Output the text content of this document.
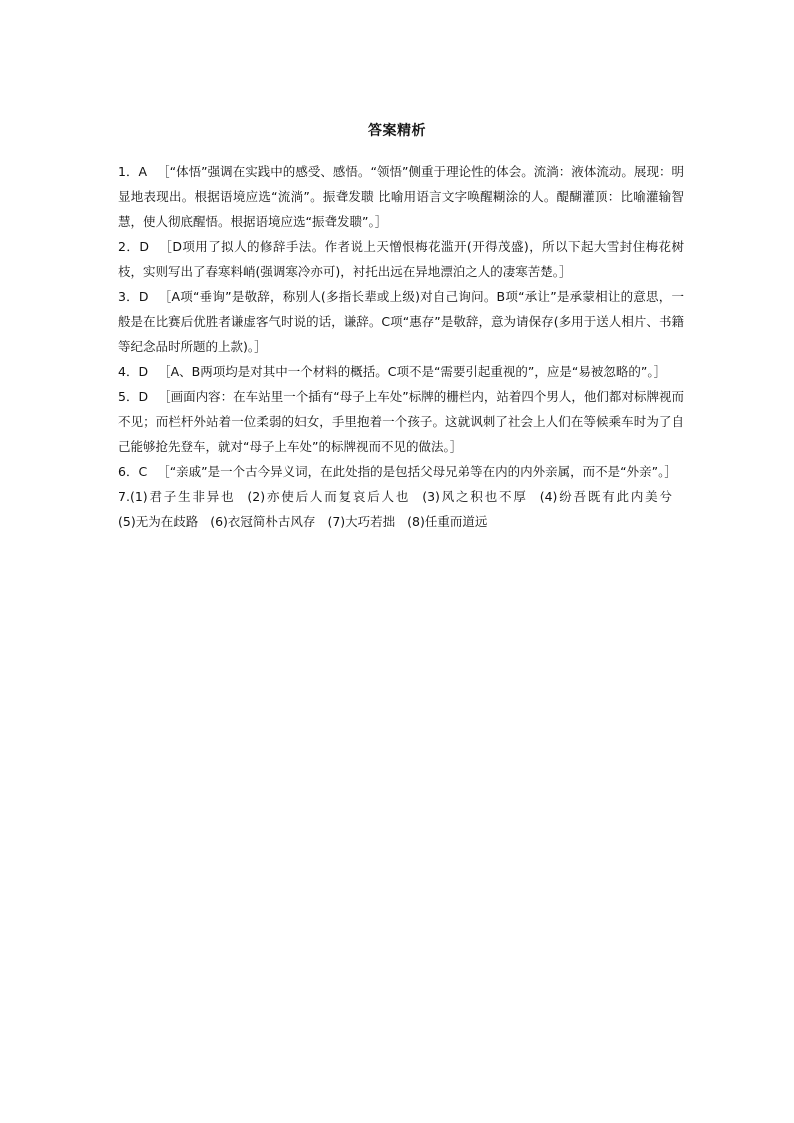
答案精析

1．A ［“体悟”强调在实践中的感受、感悟。“领悟”侧重于理论性的体会。流淌：液体流动。展现：明显地表现出。根据语境应选“流淌”。振聋发聩 比喻用语言文字唤醒糊涂的人。醍醐灌顶：比喻灌输智慧，使人彻底醒悟。根据语境应选“振聋发聩”。］

2．D ［D项用了拟人的修辞手法。作者说上天憎恨梅花滥开(开得茂盛)，所以下起大雪封住梅花树枝，实则写出了春寒料峭(强调寒冷亦可)，衬托出远在异地漂泊之人的凄寒苦楚。］

3．D ［A项“垂询”是敬辞，称别人(多指长辈或上级)对自己询问。B项“承让”是承蒙相让的意思，一般是在比赛后优胜者谦虚客气时说的话，谦辞。C项“惠存”是敬辞，意为请保存(多用于送人相片、书籍等纪念品时所题的上款)。］

4．D ［A、B两项均是对其中一个材料的概括。C项不是“需要引起重视的”，应是“易被忽略的”。］

5．D ［画面内容：在车站里一个插有“母子上车处”标牌的栅栏内，站着四个男人，他们都对标牌视而不见；而栏杆外站着一位柔弱的妇女，手里抱着一个孩子。这就讽刺了社会上人们在等候乘车时为了自己能够抢先登车，就对“母子上车处”的标牌视而不见的做法。］

6．C ［“亲戚”是一个古今异义词，在此处指的是包括父母兄弟等在内的内外亲属，而不是“外亲”。］

7.(1)君子生非异也 (2)亦使后人而复哀后人也 (3)风之积也不厚 (4)纷吾既有此内美兮 (5)无为在歧路 (6)衣冠简朴古风存 (7)大巧若拙 (8)任重而道远
